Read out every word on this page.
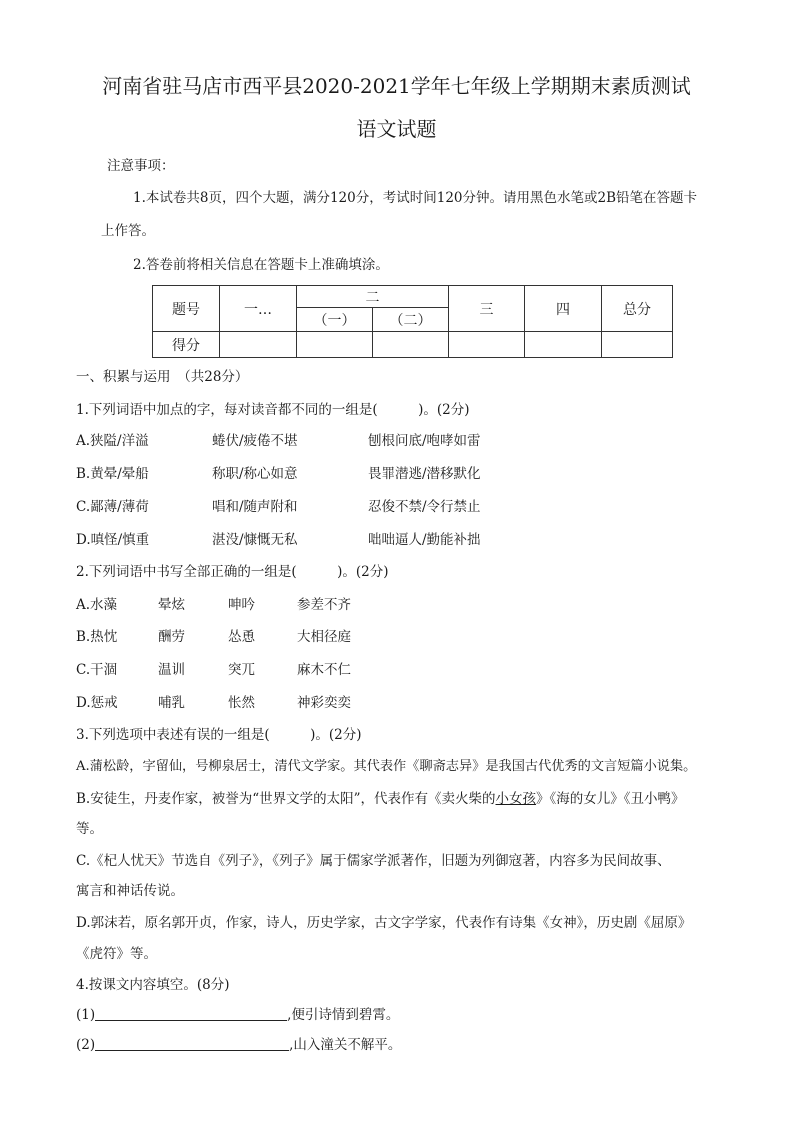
河南省驻马店市西平县2020-2021学年七年级上学期期末素质测试
语文试题
注意事项：
1.本试卷共8页，四个大题，满分120分，考试时间120分钟。请用黑色水笔或2B铅笔在答题卡
上作答。
2.答卷前将相关信息在答题卡上准确填涂。
题号	一…	二		三	四	总分
		（一）	（二）			
得分						
一、积累与运用　（共28分）
1.下列词语中加点的字，每对读音都不同的一组是(　　　)。(2分)
A.狭隘/洋溢	蜷伏/疲倦不堪	刨根问底/咆哮如雷
B.黄晕/晕船	称职/称心如意	畏罪潜逃/潜移默化
C.鄙薄/薄荷	唱和/随声附和	忍俊不禁/令行禁止
D.嗔怪/慎重	湛没/慷慨无私	咄咄逼人/勤能补拙
2.下列词语中书写全部正确的一组是(　　　)。(2分)
A.水藻	晕炫	呻吟	参差不齐
B.热忱	酬劳	怂恿	大相径庭
C.干涸	温训	突兀	麻木不仁
D.惩戒	哺乳	怅然	神彩奕奕
3.下列选项中表述有误的一组是(　　　)。(2分)
A.蒲松龄，字留仙，号柳泉居士，清代文学家。其代表作《聊斋志异》是我国古代优秀的文言短篇小说集。
B.安徒生，丹麦作家，被誉为“世界文学的太阳”，代表作有《卖火柴的小女孩》《海的女儿》《丑小鸭》
等。
C.《杞人忧天》节选自《列子》，《列子》属于儒家学派著作，旧题为列御寇著，内容多为民间故事、
寓言和神话传说。
D.郭沫若，原名郭开贞，作家，诗人，历史学家，古文字学家，代表作有诗集《女神》，历史剧《屈原》
《虎符》等。
4.按课文内容填空。(8分)
(1)	,便引诗情到碧霄。
(2)	,山入潼关不解平。
